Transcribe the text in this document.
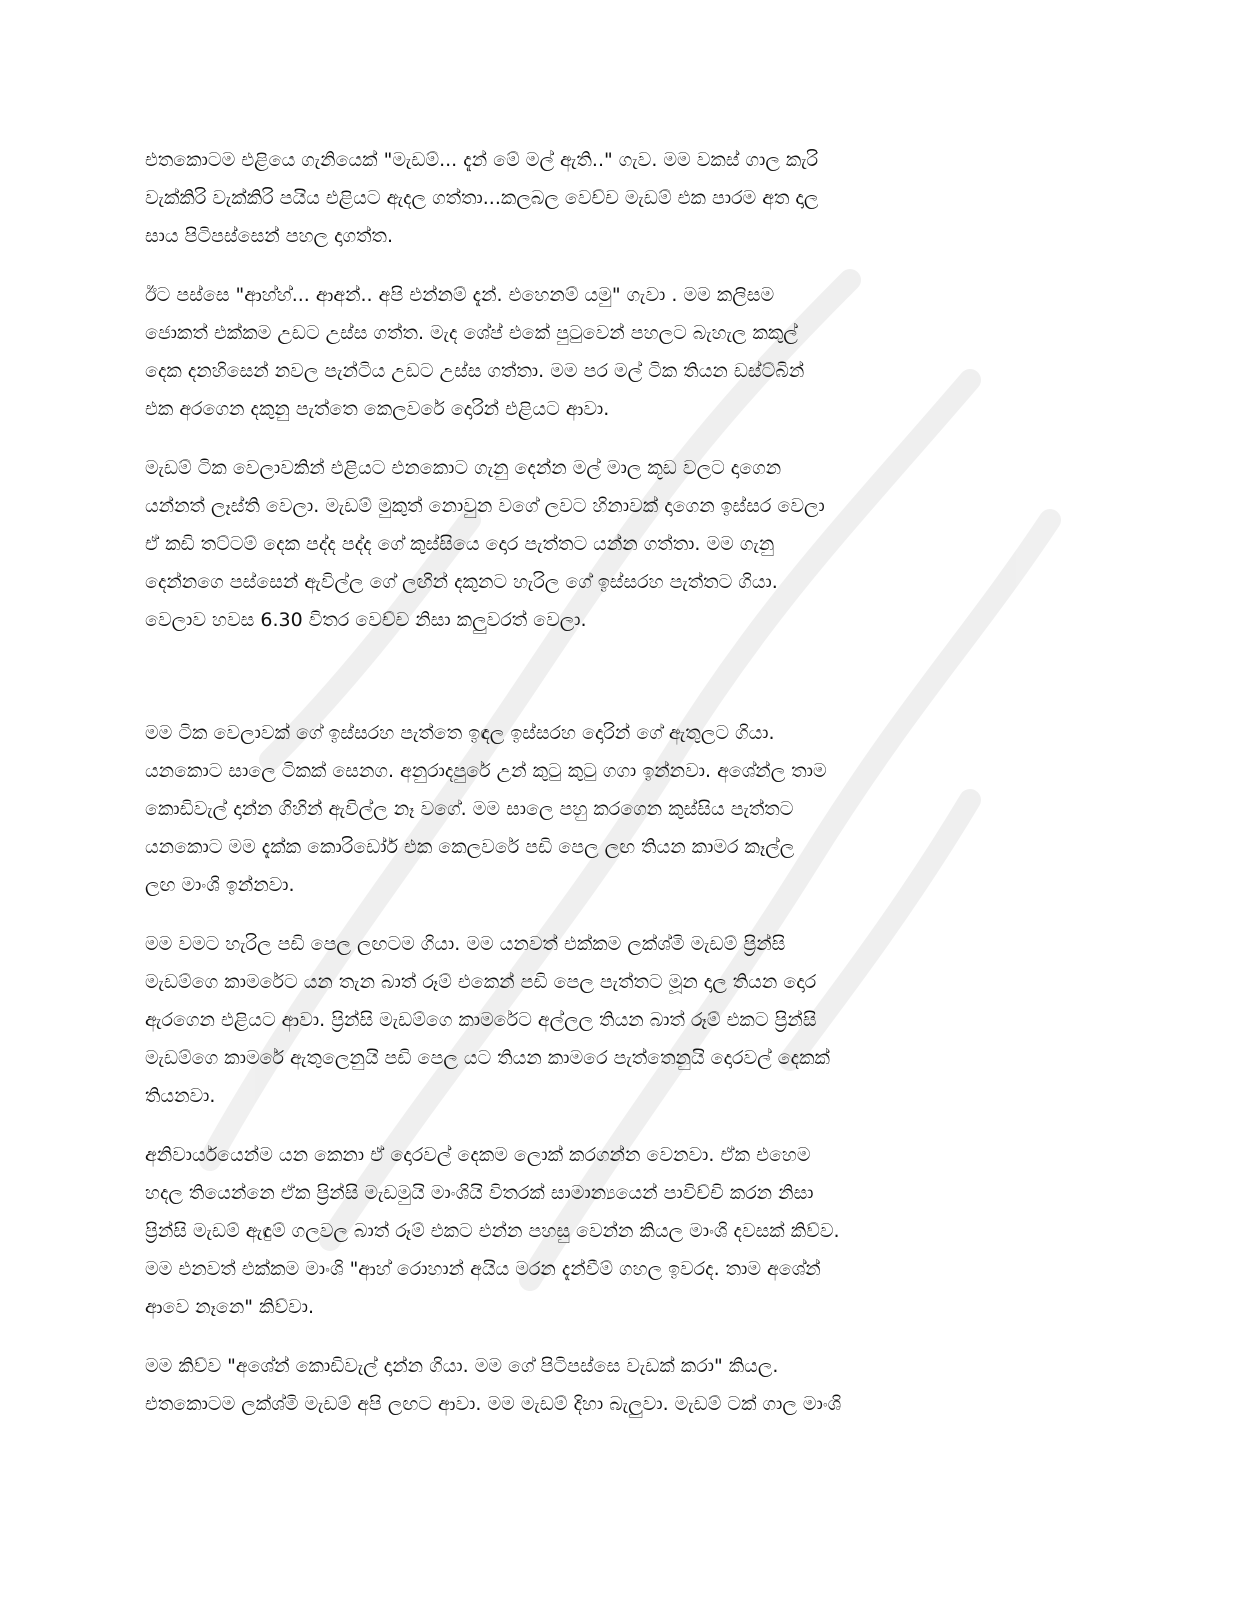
එතකොටම එළියෙ ගැනියෙක් "මැඩම්... දැන් මේ මල් ඇති.." ගැව. මම වකස් ගාල කැරි
වැක්කිරි වැක්කිරි පයිය එළියට ඇදල ගත්තා...කලබල වෙච්ච මැඩම් එක පාරම අත දාල
සාය පිටිපස්සෙන් පහල දාගත්ත.
ඊට පස්සෙ "ආහ්හ්... ආඅන්.. අපි එන්නම් දැන්. එහෙනම් යමු" ගැවා . මම කලිසම
ජොකත් එක්කම උඩට උස්ස ගත්ත. මැද ශේප් එකේ පුටුවෙන් පහලට බැහැල කකුල්
දෙක දනහිසෙන් නවල පැන්ටිය උඩට උස්ස ගත්තා. මම පර මල් ටික තියන ඩස්ට්බින්
එක අරගෙන දකුනු පැත්තෙ කෙලවරේ දොරින් එළියට ආවා.
මැඩම් ටික වෙලාවකින් එළියට එනකොට ගැනු දෙන්න මල් මාල කූඩ වලට දාගෙන
යන්නත් ලෑස්ති වෙලා. මැඩම් මුකුත් නොවුන වගේ ලවට හිනාවක් දාගෙන ඉස්සර වෙලා
ඒ කඩි තට්ටම් දෙක පද්ද පද්ද ගේ කුස්සියෙ දොර පැත්තට යන්න ගත්තා. මම ගැනු
දෙන්නගෙ පස්සෙන් ඇවිල්ල ගේ ලඟින් දකුනට හැරිල ගේ ඉස්සරහ පැත්තට ගියා.
වෙලාව හවස 6.30 විතර වෙච්ච නිසා කලුවරත් වෙලා.
මම ටික වෙලාවක් ගේ ඉස්සරහ පැත්තෙ ඉඳල ඉස්සරහ දොරින් ගේ ඇතුලට ගියා.
යනකොට සාලෙ ටිකක් සෙනග. අනුරාදපුරේ උන් කුටු කුටු ගගා ඉන්නවා. අශේන්ල තාම
කොඩිවැල් දාන්න ගිහින් ඇවිල්ල නෑ වගේ. මම සාලෙ පහු කරගෙන කුස්සිය පැත්තට
යනකොට මම දැක්ක කොරිඩෝර් එක කෙලවරේ පඩි පෙල ලඟ තියන කාමර කෑල්ල
ලඟ මාංශි ඉන්නවා.
මම වමට හැරිල පඩි පෙල ලඟටම ගියා. මම යනවත් එක්කම ලක්ශ්මි මැඩම් ප්‍රින්සි
මැඩම්ගෙ කාමරේට යන තැන බාත් රූම් එකෙන් පඩි පෙල පැත්තට මූන දාල තියන දොර
ඇරගෙන එළියට ආවා. ප්‍රින්සි මැඩම්ගෙ කාමරේට අල්ලල තියන බාත් රූම් එකට ප්‍රින්සි
මැඩම්ගෙ කාමරේ ඇතුලෙනුයි පඩි පෙල යට තියන කාමරෙ පැත්තෙනුයි දොරවල් දෙකක්
තියනවා.
අනිවාර්යයෙන්ම යන කෙනා ඒ දොරවල් දෙකම ලොක් කරගන්න වෙනවා. ඒක එහෙම
හදල තියෙන්නෙ ඒක ප්‍රින්සි මැඩමුයි මාංශියි විතරක් සාමාන්‍යයෙන් පාවිච්චි කරන නිසා
ප්‍රින්සි මැඩම් ඇඳුම් ගලවල බාත් රූම් එකට එන්න පහසු වෙන්න කියල මාංශි දවසක් කිව්ව.
මම එනවත් එක්කම මාංශි "ආහ් රොහාන් අයිය මරන දැන්වීම් ගහල ඉවරද. තාම අශේන්
ආවෙ නෑනෙ" කිව්වා.
මම කිව්ව "අශේන් කොඩිවැල් දාන්න ගියා. මම ගේ පිටිපස්සෙ වැඩක් කරා" කියල.
එතකොටම ලක්ශ්මි මැඩම් අපි ලඟට ආවා. මම මැඩම් දිහා බැලුවා. මැඩම් ටක් ගාල මාංශි
